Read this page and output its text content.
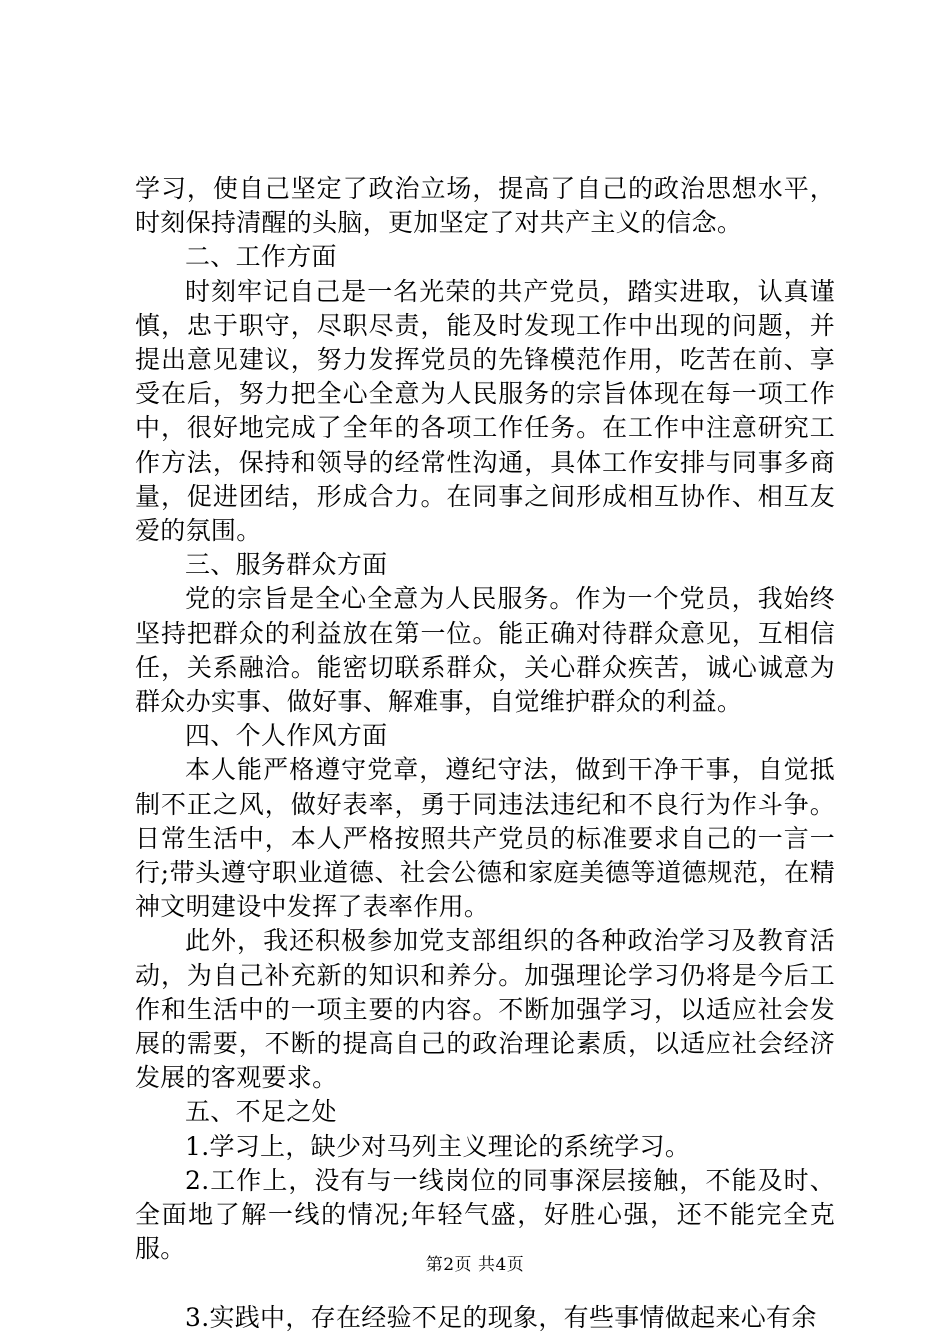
学习，使自己坚定了政治立场，提高了自己的政治思想水平，时刻保持清醒的头脑，更加坚定了对共产主义的信念。

二、工作方面

时刻牢记自己是一名光荣的共产党员，踏实进取，认真谨慎，忠于职守，尽职尽责，能及时发现工作中出现的问题，并提出意见建议，努力发挥党员的先锋模范作用，吃苦在前、享受在后，努力把全心全意为人民服务的宗旨体现在每一项工作中，很好地完成了全年的各项工作任务。在工作中注意研究工作方法，保持和领导的经常性沟通，具体工作安排与同事多商量，促进团结，形成合力。在同事之间形成相互协作、相互友爱的氛围。

三、服务群众方面

党的宗旨是全心全意为人民服务。作为一个党员，我始终坚持把群众的利益放在第一位。能正确对待群众意见，互相信任，关系融洽。能密切联系群众，关心群众疾苦，诚心诚意为群众办实事、做好事、解难事，自觉维护群众的利益。

四、个人作风方面

本人能严格遵守党章，遵纪守法，做到干净干事，自觉抵制不正之风，做好表率，勇于同违法违纪和不良行为作斗争。日常生活中，本人严格按照共产党员的标准要求自己的一言一行;带头遵守职业道德、社会公德和家庭美德等道德规范，在精神文明建设中发挥了表率作用。

此外，我还积极参加党支部组织的各种政治学习及教育活动，为自己补充新的知识和养分。加强理论学习仍将是今后工作和生活中的一项主要的内容。不断加强学习，以适应社会发展的需要，不断的提高自己的政治理论素质，以适应社会经济发展的客观要求。

五、不足之处

1.学习上，缺少对马列主义理论的系统学习。

2.工作上，没有与一线岗位的同事深层接触，不能及时、全面地了解一线的情况;年轻气盛，好胜心强，还不能完全克服。

3.实践中，存在经验不足的现象，有些事情做起来心有余

第2页 共4页
